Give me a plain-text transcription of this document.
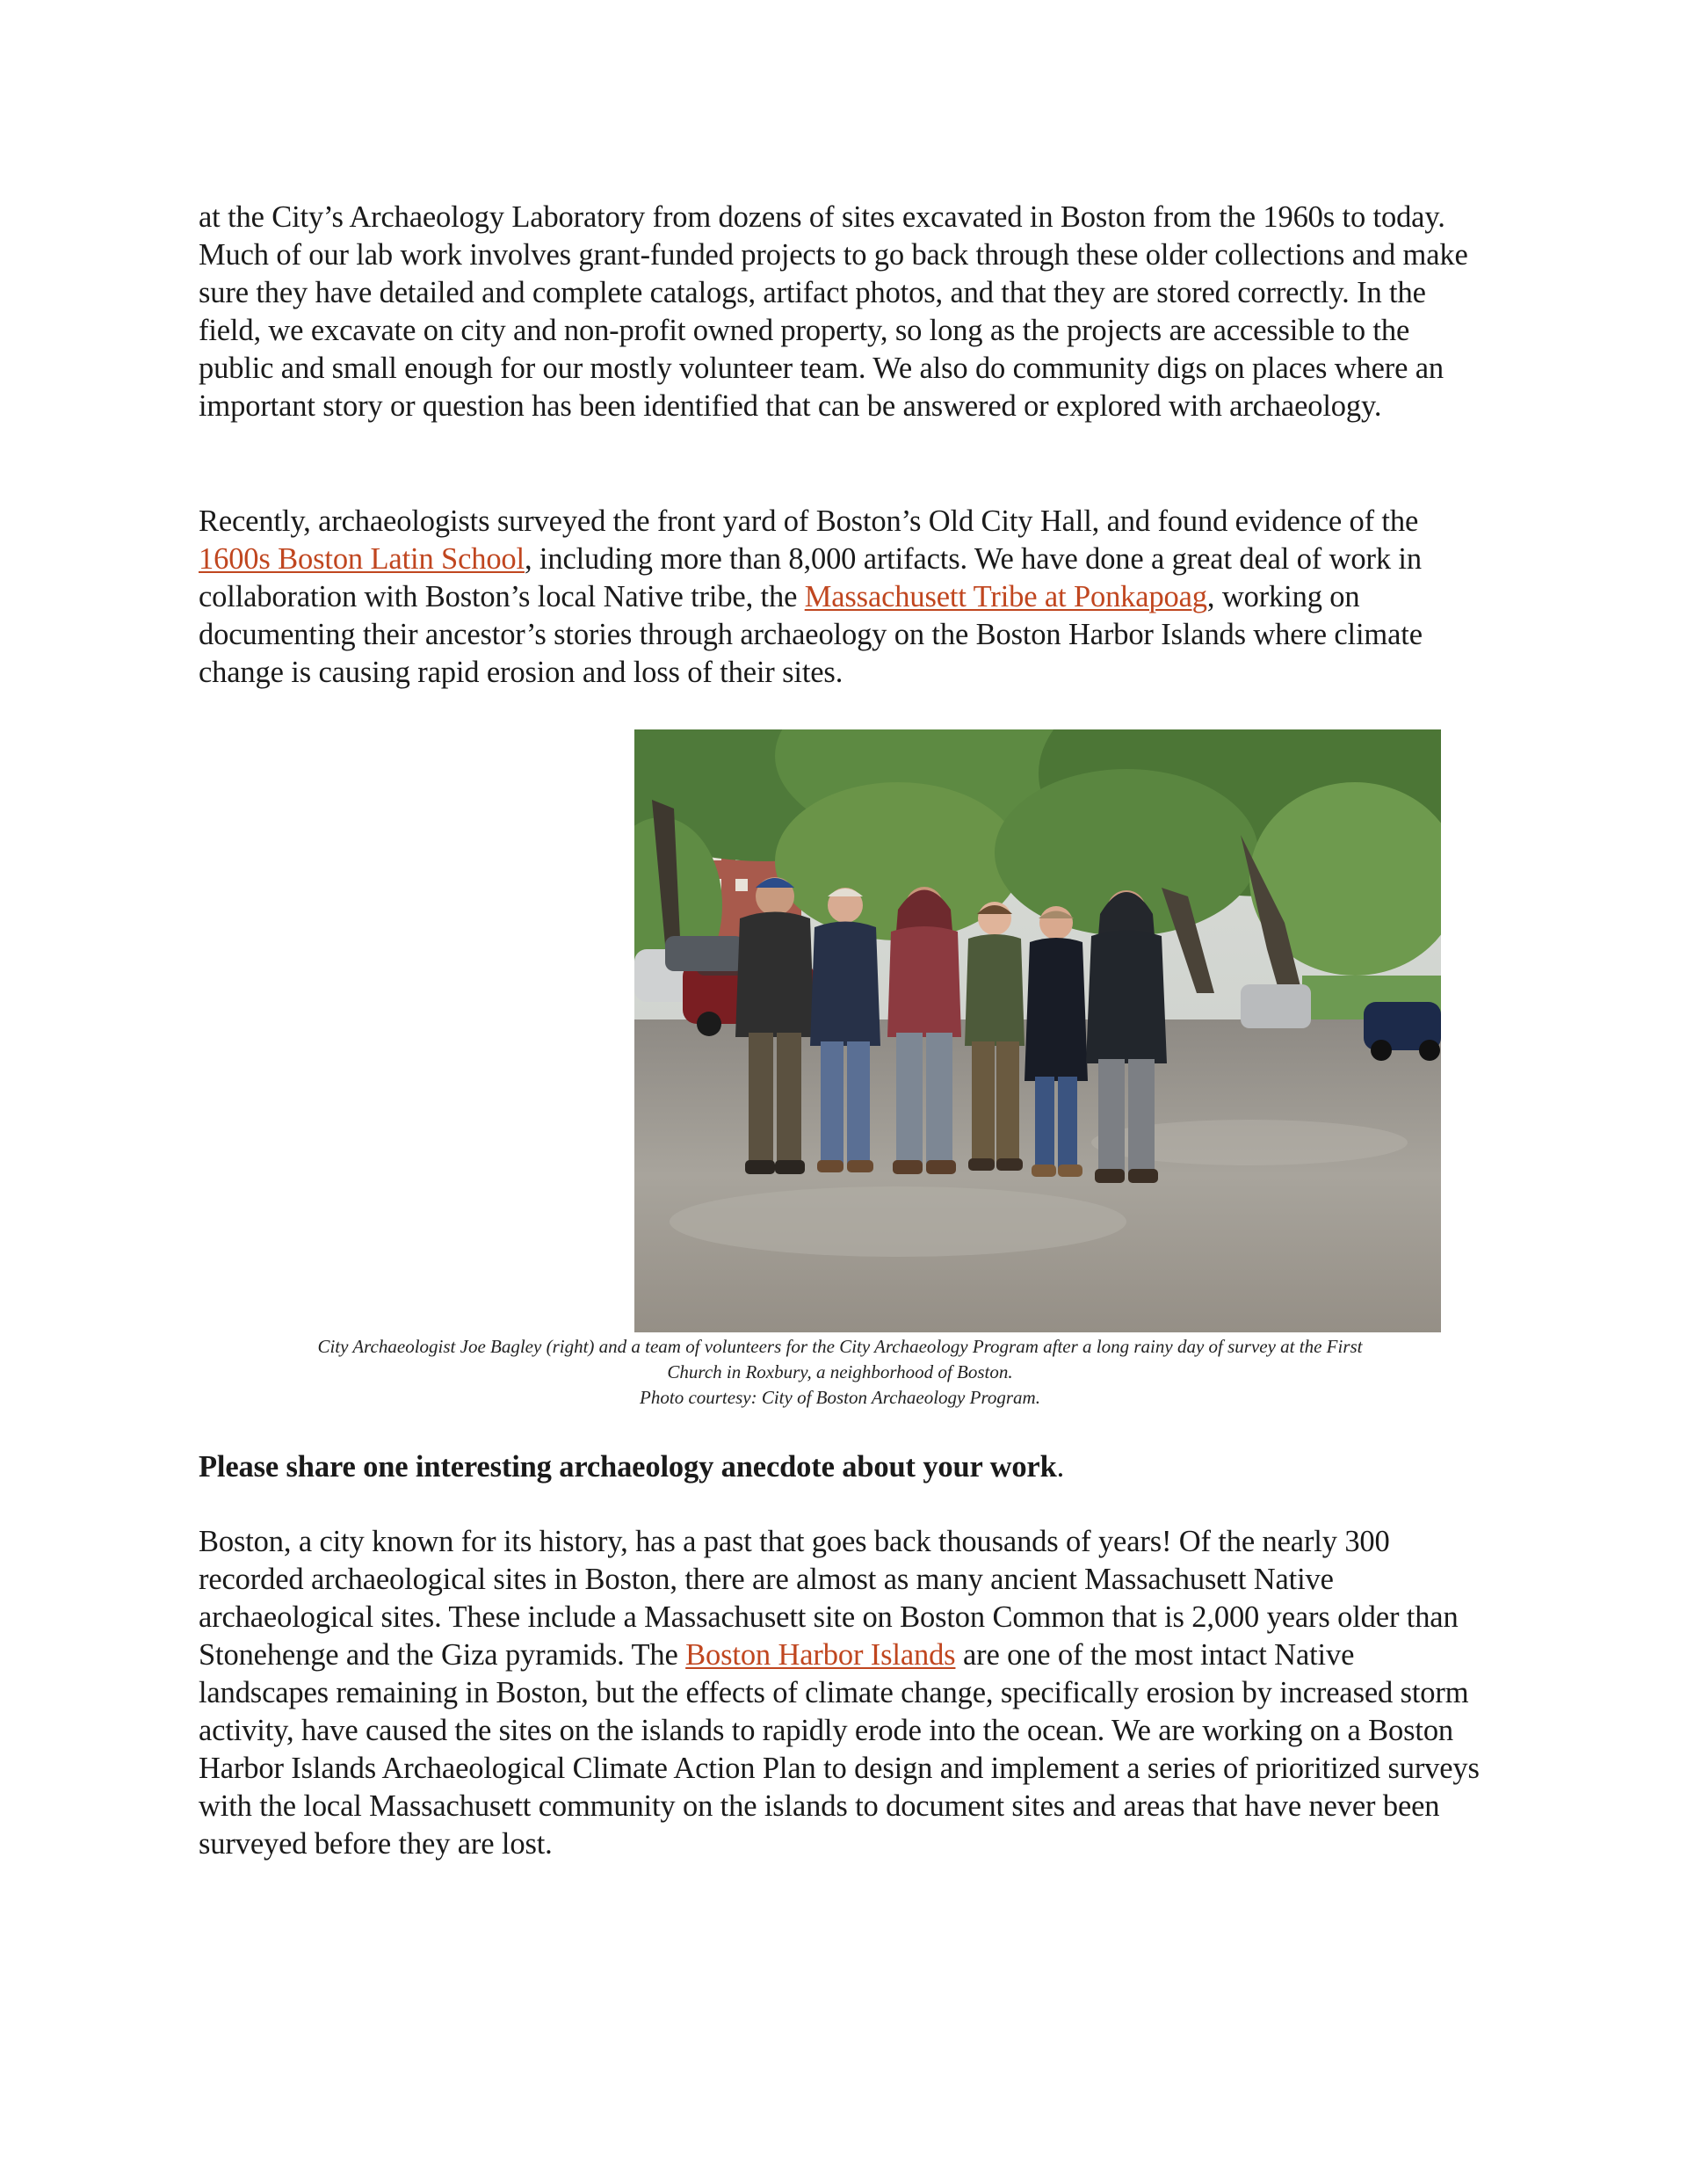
at the City’s Archaeology Laboratory from dozens of sites excavated in Boston from the 1960s to today. Much of our lab work involves grant-funded projects to go back through these older collections and make sure they have detailed and complete catalogs, artifact photos, and that they are stored correctly. In the field, we excavate on city and non-profit owned property, so long as the projects are accessible to the public and small enough for our mostly volunteer team. We also do community digs on places where an important story or question has been identified that can be answered or explored with archaeology.

Recently, archaeologists surveyed the front yard of Boston’s Old City Hall, and found evidence of the 1600s Boston Latin School, including more than 8,000 artifacts. We have done a great deal of work in collaboration with Boston’s local Native tribe, the Massachusett Tribe at Ponkapoag, working on documenting their ancestor’s stories through archaeology on the Boston Harbor Islands where climate change is causing rapid erosion and loss of their sites.

City Archaeologist Joe Bagley (right) and a team of volunteers for the City Archaeology Program after a long rainy day of survey at the First
Church in Roxbury, a neighborhood of Boston.
Photo courtesy: City of Boston Archaeology Program.

Please share one interesting archaeology anecdote about your work.

Boston, a city known for its history, has a past that goes back thousands of years! Of the nearly 300 recorded archaeological sites in Boston, there are almost as many ancient Massachusett Native archaeological sites. These include a Massachusett site on Boston Common that is 2,000 years older than Stonehenge and the Giza pyramids. The Boston Harbor Islands are one of the most intact Native landscapes remaining in Boston, but the effects of climate change, specifically erosion by increased storm activity, have caused the sites on the islands to rapidly erode into the ocean. We are working on a Boston Harbor Islands Archaeological Climate Action Plan to design and implement a series of prioritized surveys with the local Massachusett community on the islands to document sites and areas that have never been surveyed before they are lost.
